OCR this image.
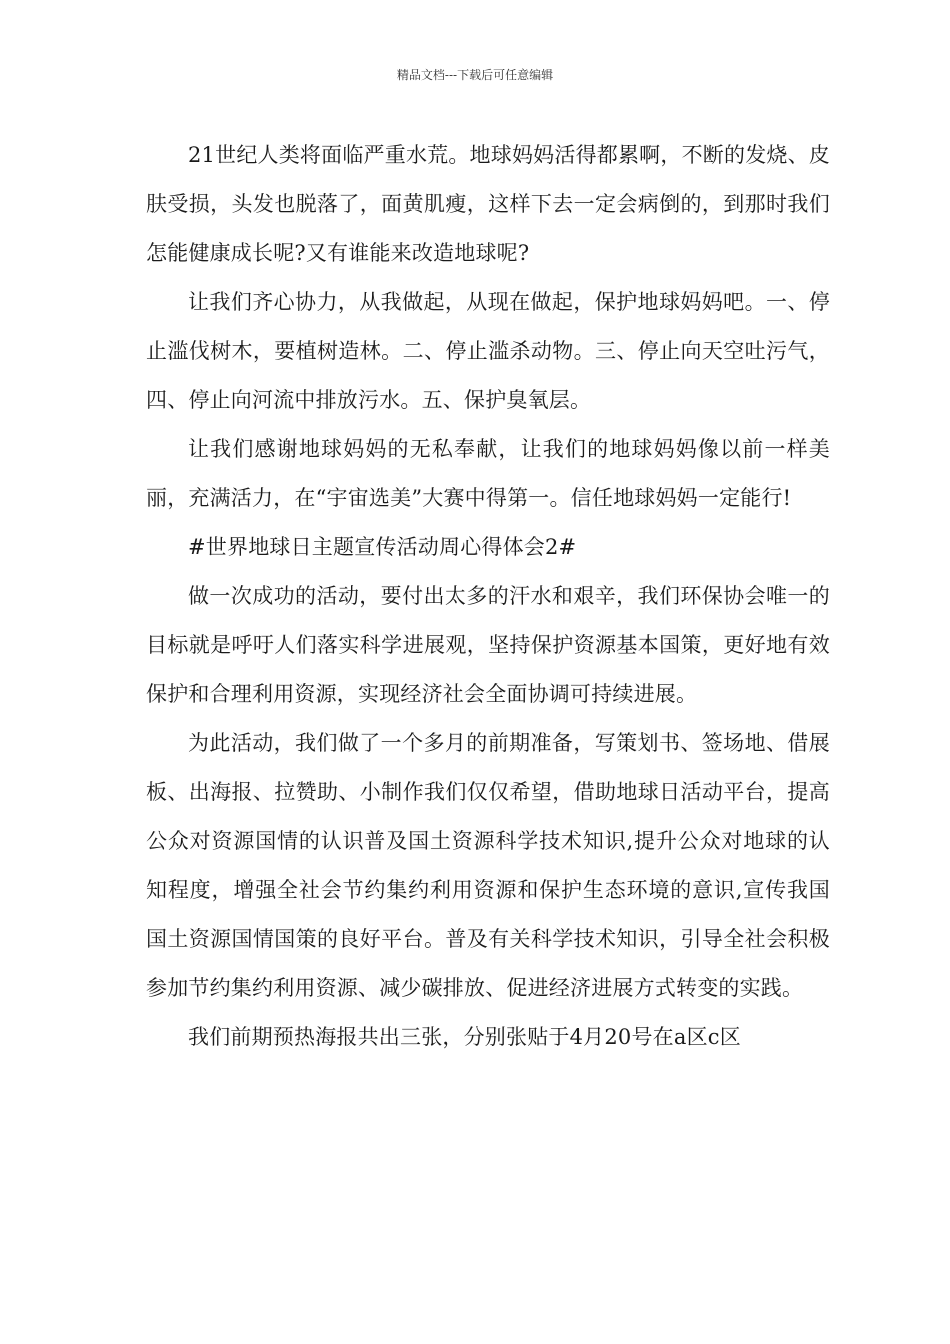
精品文档---下载后可任意编辑

21世纪人类将面临严重水荒。地球妈妈活得都累啊，不断的发烧、皮肤受损，头发也脱落了，面黄肌瘦，这样下去一定会病倒的，到那时我们怎能健康成长呢?又有谁能来改造地球呢?

让我们齐心协力，从我做起，从现在做起，保护地球妈妈吧。一、停止滥伐树木，要植树造林。二、停止滥杀动物。三、停止向天空吐污气，四、停止向河流中排放污水。五、保护臭氧层。

让我们感谢地球妈妈的无私奉献，让我们的地球妈妈像以前一样美丽，充满活力，在“宇宙选美”大赛中得第一。信任地球妈妈一定能行!

#世界地球日主题宣传活动周心得体会2#

做一次成功的活动，要付出太多的汗水和艰辛，我们环保协会唯一的目标就是呼吁人们落实科学进展观，坚持保护资源基本国策，更好地有效保护和合理利用资源，实现经济社会全面协调可持续进展。

为此活动，我们做了一个多月的前期准备，写策划书、签场地、借展板、出海报、拉赞助、小制作我们仅仅希望，借助地球日活动平台，提高公众对资源国情的认识普及国土资源科学技术知识,提升公众对地球的认知程度，增强全社会节约集约利用资源和保护生态环境的意识,宣传我国国土资源国情国策的良好平台。普及有关科学技术知识，引导全社会积极参加节约集约利用资源、减少碳排放、促进经济进展方式转变的实践。

我们前期预热海报共出三张，分别张贴于4月20号在a区c区
